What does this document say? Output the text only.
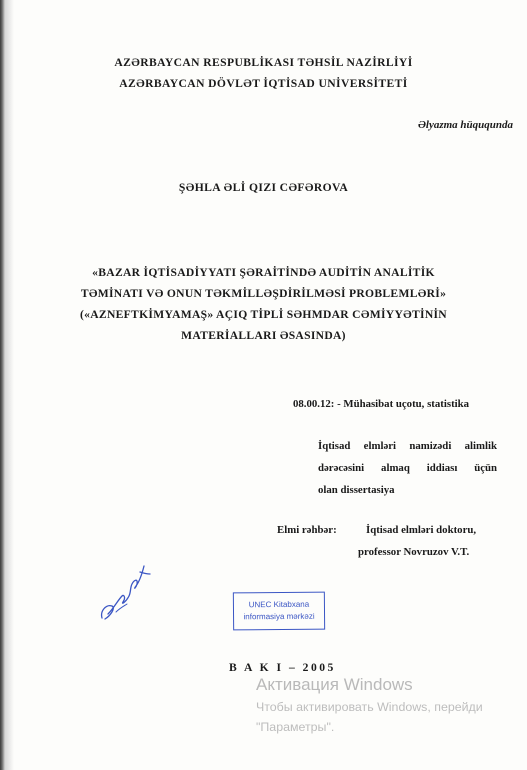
AZƏRBAYCAN RESPUBLİKASI TƏHSİL NAZİRLİYİ
AZƏRBAYCAN DÖVLƏT İQTİSAD UNİVERSİTETİ
Əlyazma hüququnda
ŞƏHLA ƏLİ QIZI CƏFƏROVA
«BAZAR İQTİSADİYYATI ŞƏRAİTİNDƏ AUDİTİN ANALİTİK
TƏMİNATI VƏ ONUN TƏKMİLLƏŞDİRİLMƏSİ PROBLEMLƏRİ»
(«AZNEFTKİMYAMAŞ» AÇIQ TİPLİ SƏHMDAR CƏMİYYƏTİNİN
MATERİALLARI ƏSASINDA)
08.00.12: - Mühasibat uçotu, statistika
İqtisad elmləri namizədi alimlik
dərəcəsini almaq iddiası üçün
olan dissertasiya
Elmi rəhbər:	İqtisad elmləri doktoru,
professor Novruzov V.T.
UNEC Kitabxana
informasiya mərkəzi
B A K I – 2005
Активация Windows
Чтобы активировать Windows, перейди
"Параметры".
